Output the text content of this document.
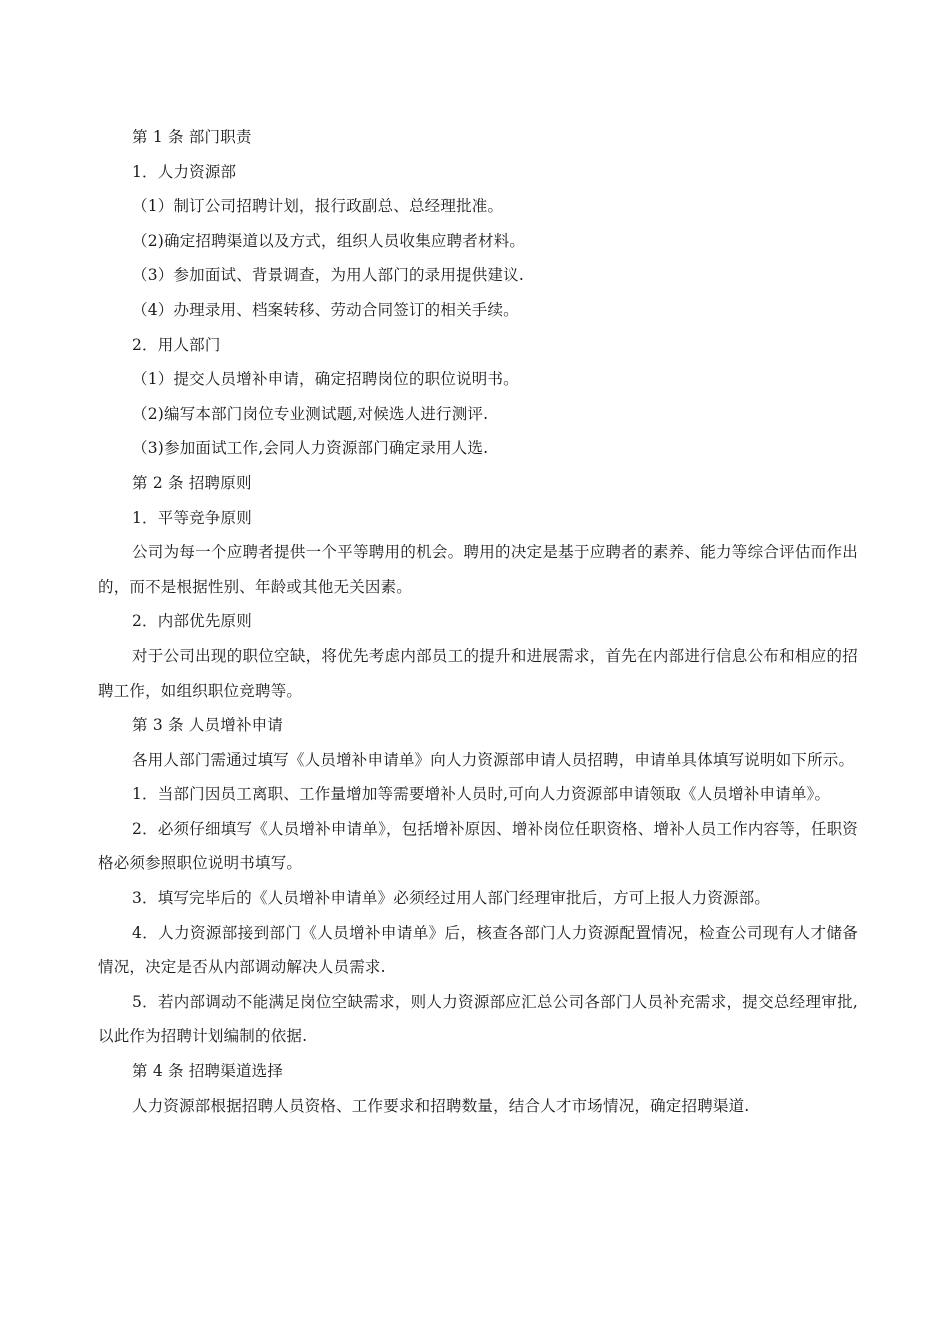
第 1 条 部门职责
1．人力资源部
（1）制订公司招聘计划，报行政副总、总经理批准。
（2)确定招聘渠道以及方式，组织人员收集应聘者材料。
（3）参加面试、背景调查，为用人部门的录用提供建议.
（4）办理录用、档案转移、劳动合同签订的相关手续。
2．用人部门
（1）提交人员增补申请，确定招聘岗位的职位说明书。
（2)编写本部门岗位专业测试题,对候选人进行测评.
（3)参加面试工作,会同人力资源部门确定录用人选.
第 2 条 招聘原则
1．平等竞争原则
公司为每一个应聘者提供一个平等聘用的机会。聘用的决定是基于应聘者的素养、能力等综合评估而作出的，而不是根据性别、年龄或其他无关因素。
2．内部优先原则
对于公司出现的职位空缺，将优先考虑内部员工的提升和进展需求，首先在内部进行信息公布和相应的招聘工作，如组织职位竞聘等。
第 3 条 人员增补申请
各用人部门需通过填写《人员增补申请单》向人力资源部申请人员招聘，申请单具体填写说明如下所示。
1．当部门因员工离职、工作量增加等需要增补人员时,可向人力资源部申请领取《人员增补申请单》。
2．必须仔细填写《人员增补申请单》，包括增补原因、增补岗位任职资格、增补人员工作内容等，任职资格必须参照职位说明书填写。
3．填写完毕后的《人员增补申请单》必须经过用人部门经理审批后，方可上报人力资源部。
4．人力资源部接到部门《人员增补申请单》后，核查各部门人力资源配置情况，检查公司现有人才储备情况，决定是否从内部调动解决人员需求.
5．若内部调动不能满足岗位空缺需求，则人力资源部应汇总公司各部门人员补充需求，提交总经理审批,以此作为招聘计划编制的依据.
第 4 条 招聘渠道选择
人力资源部根据招聘人员资格、工作要求和招聘数量，结合人才市场情况，确定招聘渠道.
